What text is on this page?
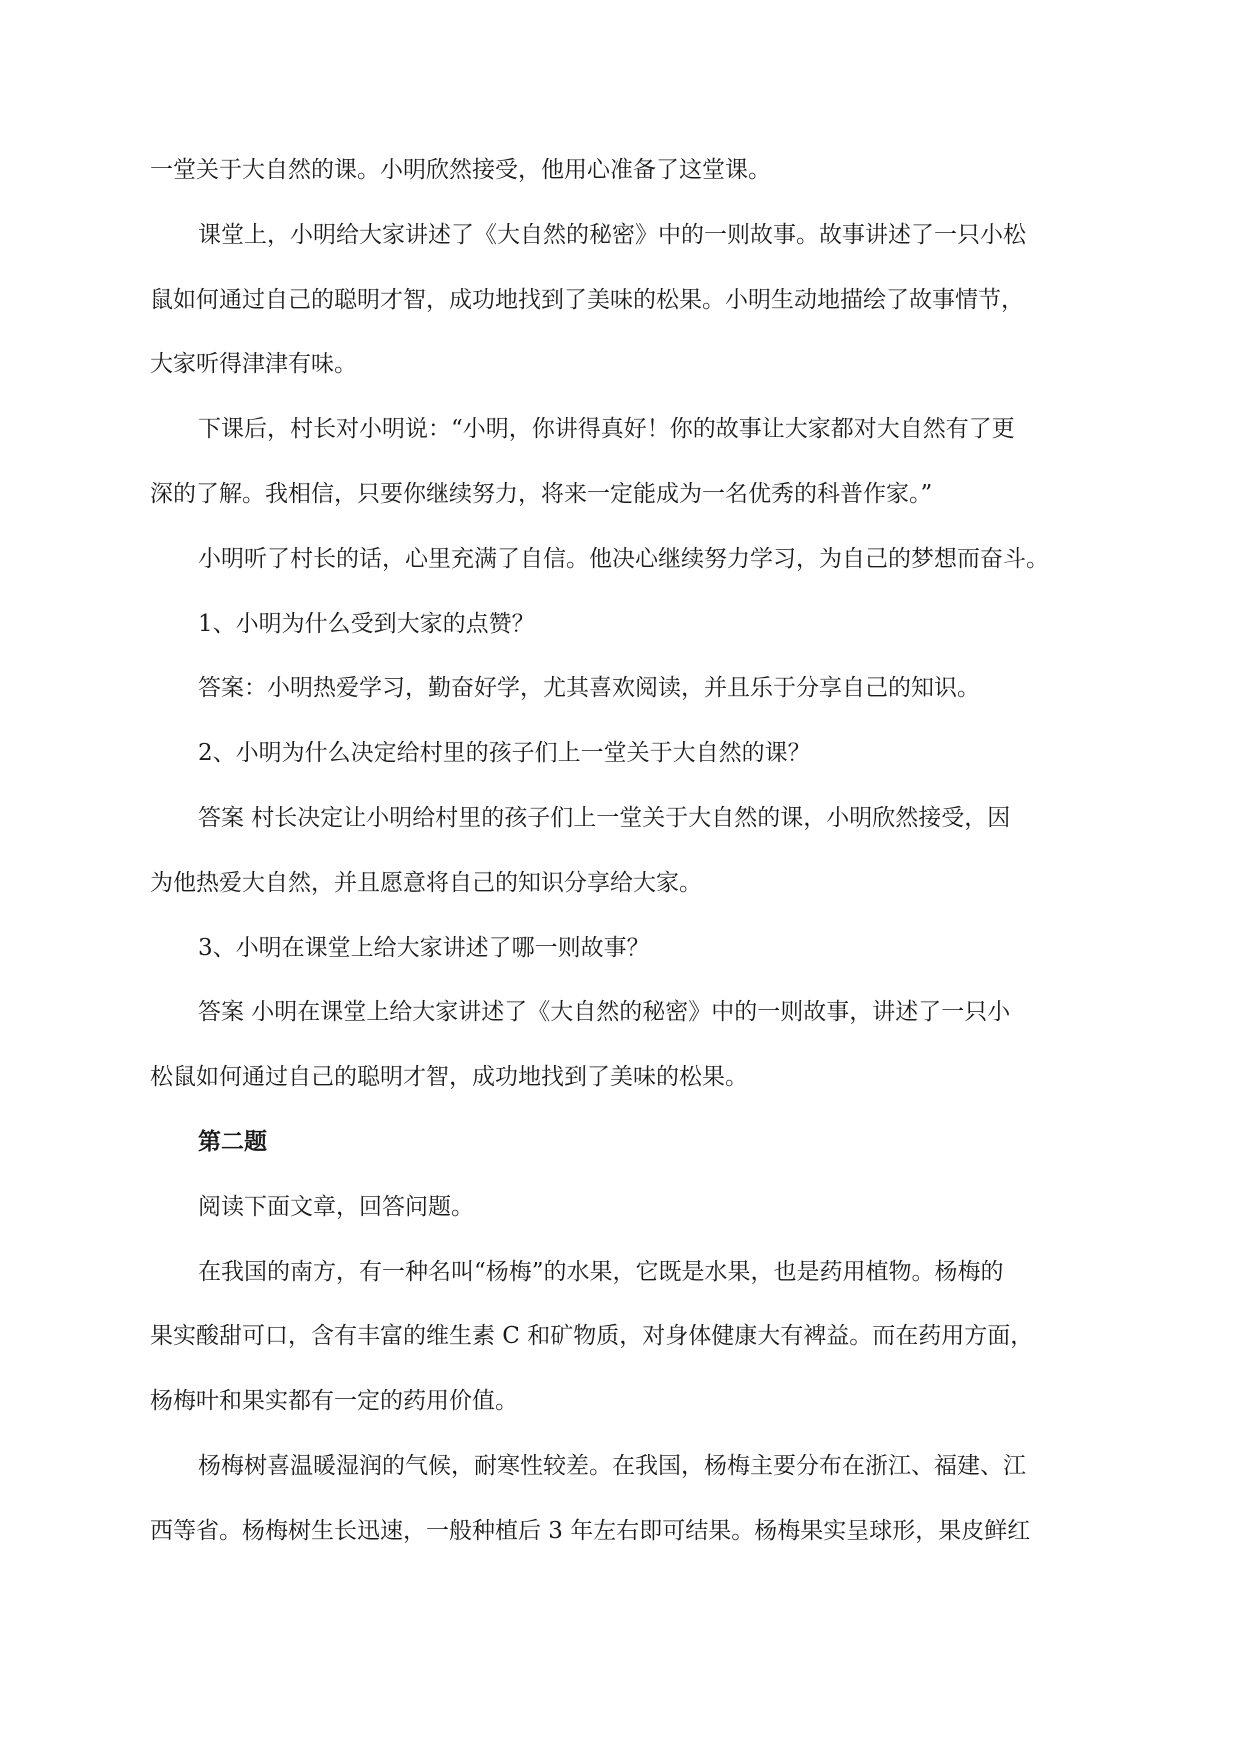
一堂关于大自然的课。小明欣然接受，他用心准备了这堂课。
课堂上，小明给大家讲述了《大自然的秘密》中的一则故事。故事讲述了一只小松
鼠如何通过自己的聪明才智，成功地找到了美味的松果。小明生动地描绘了故事情节，
大家听得津津有味。
下课后，村长对小明说：“小明，你讲得真好！你的故事让大家都对大自然有了更
深的了解。我相信，只要你继续努力，将来一定能成为一名优秀的科普作家。”
小明听了村长的话，心里充满了自信。他决心继续努力学习，为自己的梦想而奋斗。
1、小明为什么受到大家的点赞？
答案：小明热爱学习，勤奋好学，尤其喜欢阅读，并且乐于分享自己的知识。
2、小明为什么决定给村里的孩子们上一堂关于大自然的课？
答案 村长决定让小明给村里的孩子们上一堂关于大自然的课，小明欣然接受，因
为他热爱大自然，并且愿意将自己的知识分享给大家。
3、小明在课堂上给大家讲述了哪一则故事？
答案 小明在课堂上给大家讲述了《大自然的秘密》中的一则故事，讲述了一只小
松鼠如何通过自己的聪明才智，成功地找到了美味的松果。
第二题
阅读下面文章，回答问题。
在我国的南方，有一种名叫“杨梅”的水果，它既是水果，也是药用植物。杨梅的
果实酸甜可口，含有丰富的维生素 C 和矿物质，对身体健康大有裨益。而在药用方面，
杨梅叶和果实都有一定的药用价值。
杨梅树喜温暖湿润的气候，耐寒性较差。在我国，杨梅主要分布在浙江、福建、江
西等省。杨梅树生长迅速，一般种植后 3 年左右即可结果。杨梅果实呈球形，果皮鲜红
